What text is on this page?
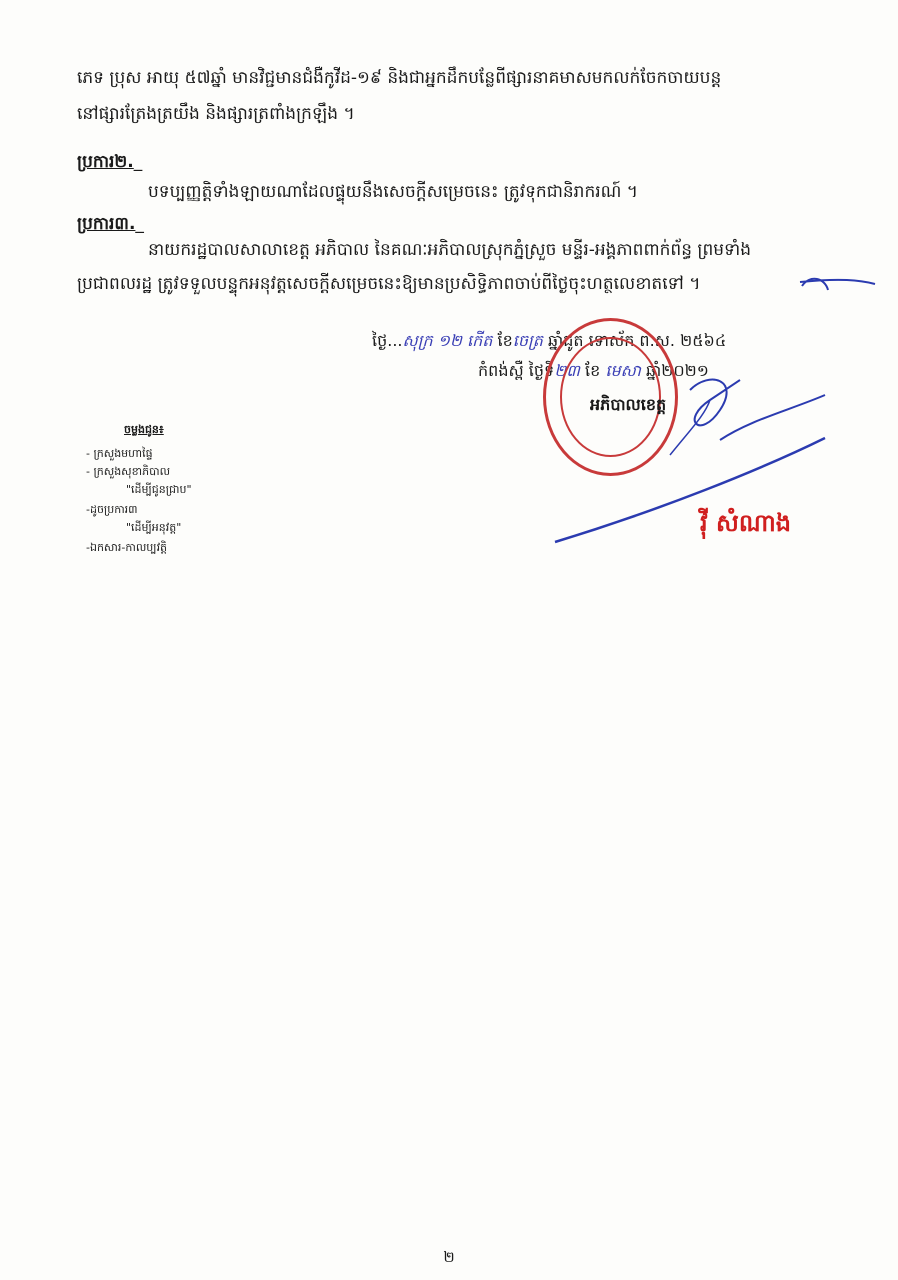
ភេទ ប្រុស អាយុ ៥៧ឆ្នាំ មានវិជ្ជមានជំងឺកូវីដ-១៩ និងជាអ្នកដឹកបន្លែពីផ្សារនាគមាសមកលក់ចែកចាយបន្ត
នៅផ្សារត្រែងត្រយឹង និងផ្សារត្រពាំងក្រឡឹង ។
ប្រការ២._
បទប្បញ្ញត្តិទាំងឡាយណាដែលផ្ទុយនឹងសេចក្តីសម្រេចនេះ ត្រូវទុកជានិរាករណ៍ ។
ប្រការ៣._
នាយករដ្ឋបាលសាលាខេត្ត អភិបាល នៃគណៈអភិបាលស្រុកភ្នំស្រួច មន្ទីរ-អង្គភាពពាក់ព័ន្ធ ព្រមទាំង
ប្រជាពលរដ្ឋ ត្រូវទទួលបន្ទុកអនុវត្តសេចក្តីសម្រេចនេះឱ្យមានប្រសិទ្ធិភាពចាប់ពីថ្ងៃចុះហត្ថលេខាតទៅ ។
ថ្ងៃ...សុក្រ ១២ កើត ខែចេត្រ ឆ្នាំជូត ទោស័ក ព.ស. ២៥៦៤
កំពង់ស្ពឺ ថ្ងៃទី២៣ ខែ មេសា ឆ្នាំ២០២១
អភិបាលខេត្ត
វ៉ី សំណាង
ចម្លងជូន៖
- ក្រសួងមហាផ្ទៃ
- ក្រសួងសុខាភិបាល
"ដើម្បីជូនជ្រាប"
-ដូចប្រការ៣
"ដើម្បីអនុវត្ត"
-ឯកសារ-កាលប្បវត្តិ
២
